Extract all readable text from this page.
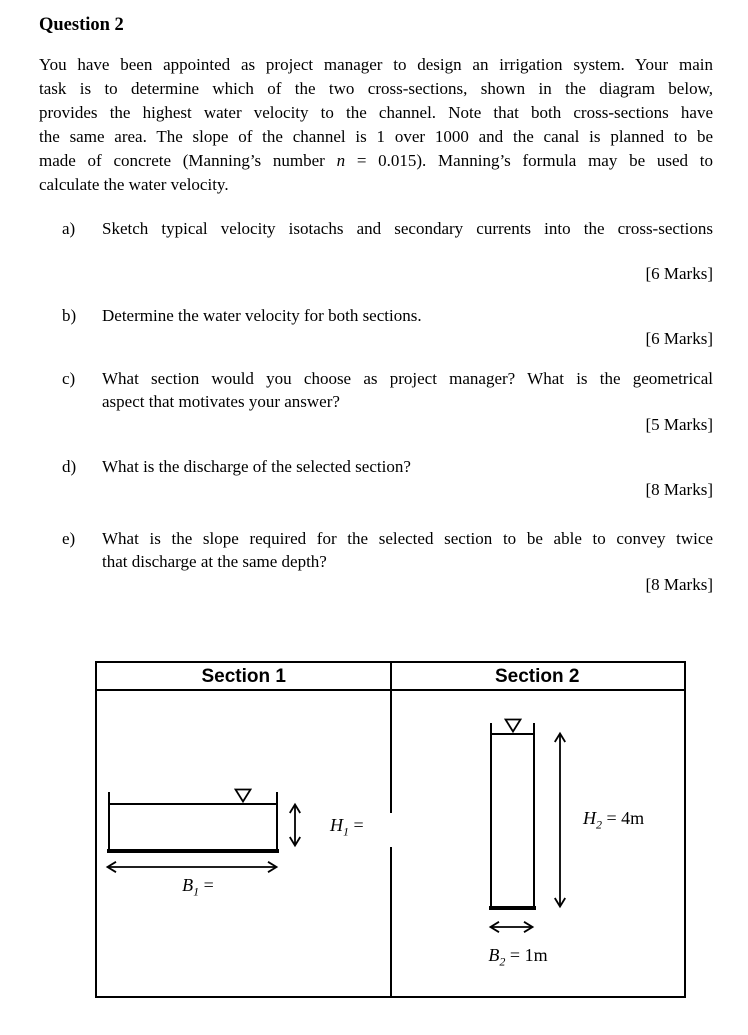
Question 2
You have been appointed as project manager to design an irrigation system. Your main
task is to determine which of the two cross-sections, shown in the diagram below,
provides the highest water velocity to the channel. Note that both cross-sections have
the same area. The slope of the channel is 1 over 1000 and the canal is planned to be
made of concrete (Manning’s number n = 0.015). Manning’s formula may be used to
calculate the water velocity.
a) Sketch typical velocity isotachs and secondary currents into the cross-sections
[6 Marks]
b) Determine the water velocity for both sections.
[6 Marks]
c) What section would you choose as project manager? What is the geometrical
aspect that motivates your answer?
[5 Marks]
d) What is the discharge of the selected section?
[8 Marks]
e) What is the slope required for the selected section to be able to convey twice
that discharge at the same depth?
[8 Marks]
Section 1	Section 2
$H_1$ =
$B_1$ =
$H_2 = 4m$
$B_2 = 1m$
